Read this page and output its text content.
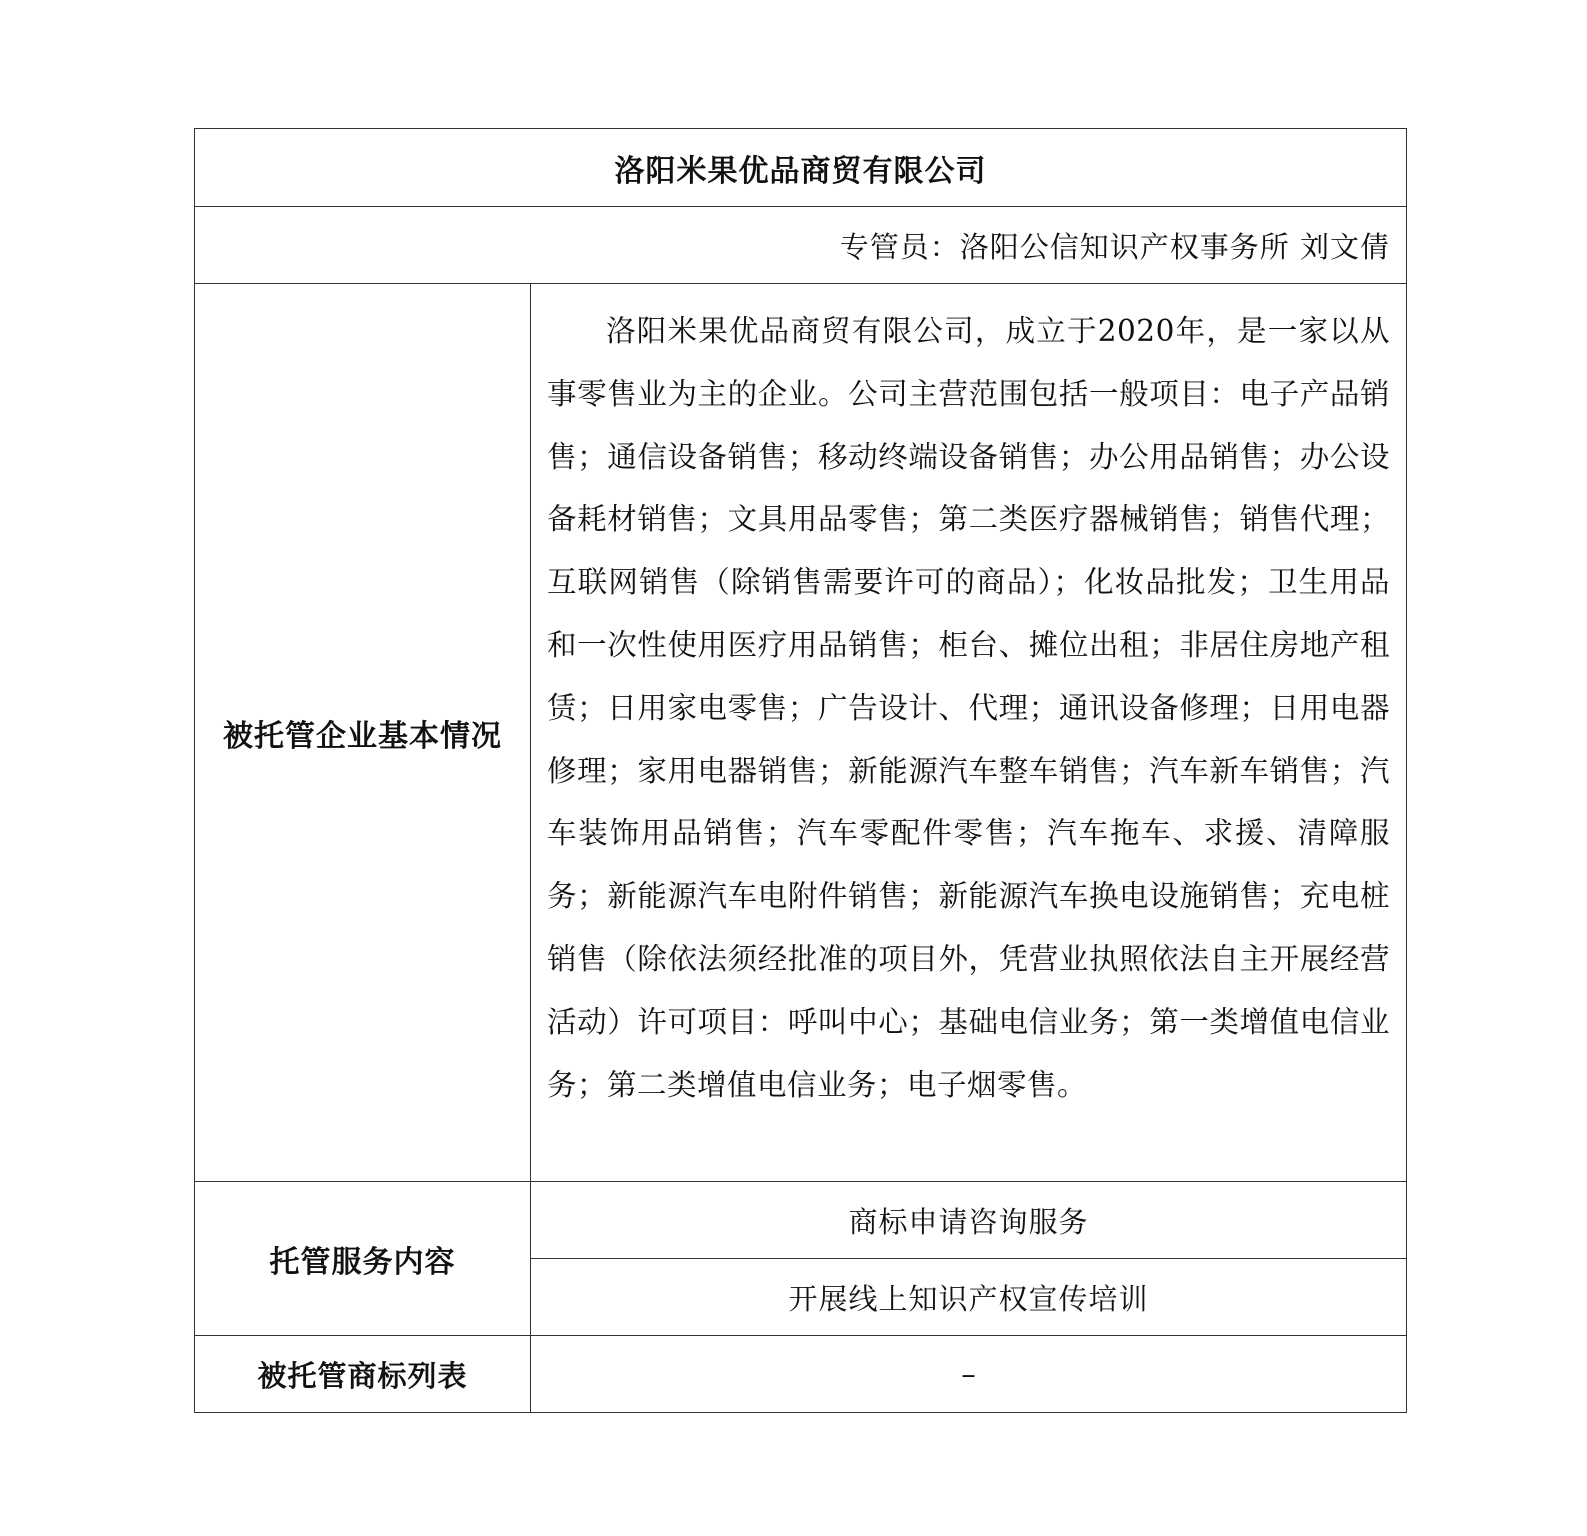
洛阳米果优品商贸有限公司	
专管员：洛阳公信知识产权事务所 刘文倩	
被托管企业基本情况	洛阳米果优品商贸有限公司，成立于2020年，是一家以从事零售业为主的企业。公司主营范围包括一般项目：电子产品销售；通信设备销售；移动终端设备销售；办公用品销售；办公设备耗材销售；文具用品零售；第二类医疗器械销售；销售代理；互联网销售（除销售需要许可的商品）；化妆品批发；卫生用品和一次性使用医疗用品销售；柜台、摊位出租；非居住房地产租赁；日用家电零售；广告设计、代理；通讯设备修理；日用电器修理；家用电器销售；新能源汽车整车销售；汽车新车销售；汽车装饰用品销售；汽车零配件零售；汽车拖车、求援、清障服务；新能源汽车电附件销售；新能源汽车换电设施销售；充电桩销售（除依法须经批准的项目外，凭营业执照依法自主开展经营活动）许可项目：呼叫中心；基础电信业务；第一类增值电信业务；第二类增值电信业务；电子烟零售。

托管服务内容	商标申请咨询服务
	开展线上知识产权宣传培训
被托管商标列表	–
